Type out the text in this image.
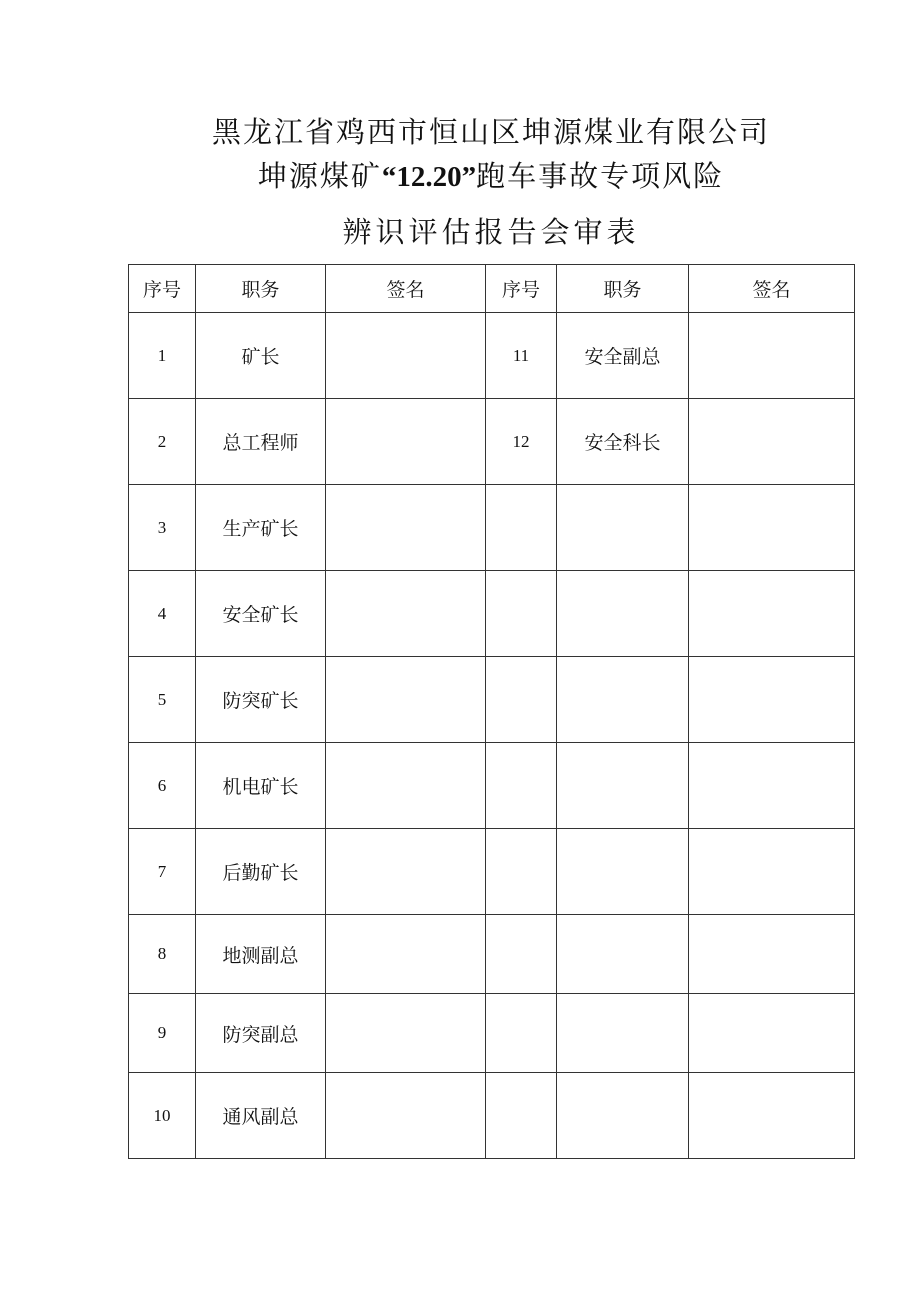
黑龙江省鸡西市恒山区坤源煤业有限公司
坤源煤矿“12.20”跑车事故专项风险
辨识评估报告会审表
序号	职务	签名	序号	职务	签名
1	矿长		11	安全副总	
2	总工程师		12	安全科长	
3	生产矿长				
4	安全矿长				
5	防突矿长				
6	机电矿长				
7	后勤矿长				
8	地测副总				
9	防突副总				
10	通风副总				
